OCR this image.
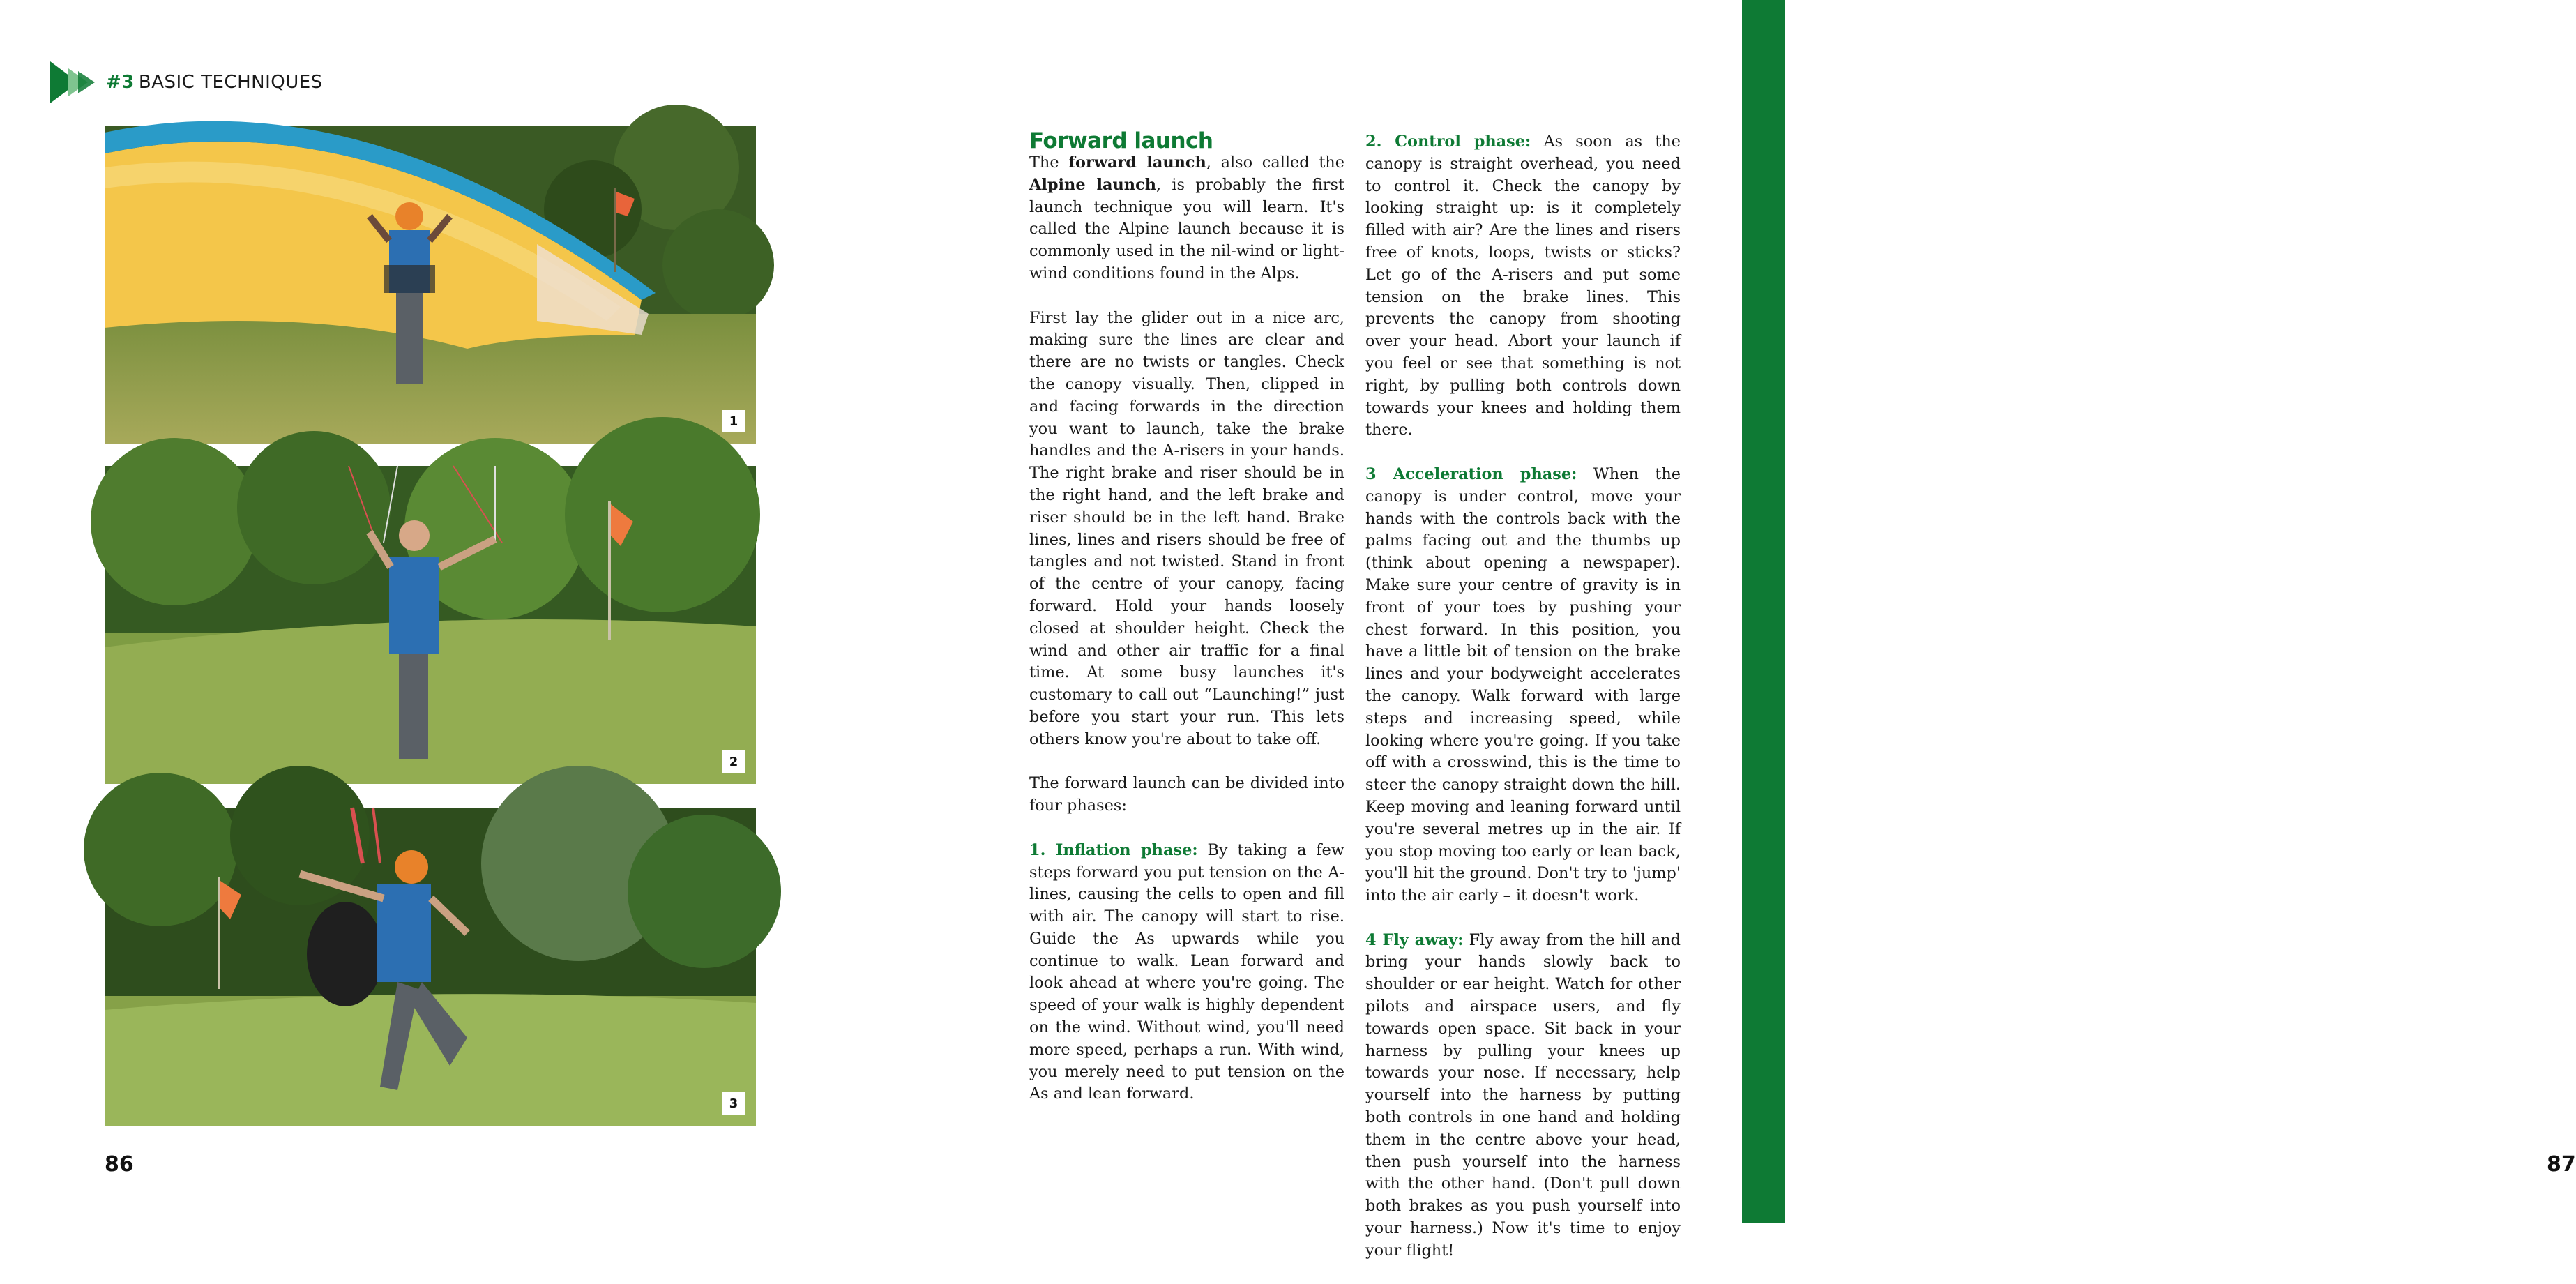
#3 BASIC TECHNIQUES
1
2
3
86	87
Forward launch

The forward launch, also called the Alpine launch, is probably the first launch technique you will learn. It's called the Alpine launch because it is commonly used in the nil-wind or light-wind conditions found in the Alps.

First lay the glider out in a nice arc, making sure the lines are clear and there are no twists or tangles. Check the canopy visually. Then, clipped in and facing forwards in the direction you want to launch, take the brake handles and the A-risers in your hands. The right brake and riser should be in the right hand, and the left brake and riser should be in the left hand. Brake lines, lines and risers should be free of tangles and not twisted. Stand in front of the centre of your canopy, facing forward. Hold your hands loosely closed at shoulder height. Check the wind and other air traffic for a final time. At some busy launches it's customary to call out “Launching!” just before you start your run. This lets others know you're about to take off.

The forward launch can be divided into four phases:

1. Inflation phase: By taking a few steps forward you put tension on the A-lines, causing the cells to open and fill with air. The canopy will start to rise. Guide the As upwards while you continue to walk. Lean forward and look ahead at where you're going. The speed of your walk is highly dependent on the wind. Without wind, you'll need more speed, perhaps a run. With wind, you merely need to put tension on the As and lean forward.

2. Control phase: As soon as the canopy is straight overhead, you need to control it. Check the canopy by looking straight up: is it completely filled with air? Are the lines and risers free of knots, loops, twists or sticks? Let go of the A-risers and put some tension on the brake lines. This prevents the canopy from shooting over your head. Abort your launch if you feel or see that something is not right, by pulling both controls down towards your knees and holding them there.

3 Acceleration phase: When the canopy is under control, move your hands with the controls back with the palms facing out and the thumbs up (think about opening a newspaper). Make sure your centre of gravity is in front of your toes by pushing your chest forward. In this position, you have a little bit of tension on the brake lines and your bodyweight accelerates the canopy. Walk forward with large steps and increasing speed, while looking where you're going. If you take off with a crosswind, this is the time to steer the canopy straight down the hill. Keep moving and leaning forward until you're several metres up in the air. If you stop moving too early or lean back, you'll hit the ground. Don't try to 'jump' into the air early – it doesn't work.

4 Fly away: Fly away from the hill and bring your hands slowly back to shoulder or ear height. Watch for other pilots and airspace users, and fly towards open space. Sit back in your harness by pulling your knees up towards your nose. If necessary, help yourself into the harness by putting both controls in one hand and holding them in the centre above your head, then push yourself into the harness with the other hand. (Don't pull down both brakes as you push yourself into your harness.) Now it's time to enjoy your flight!
